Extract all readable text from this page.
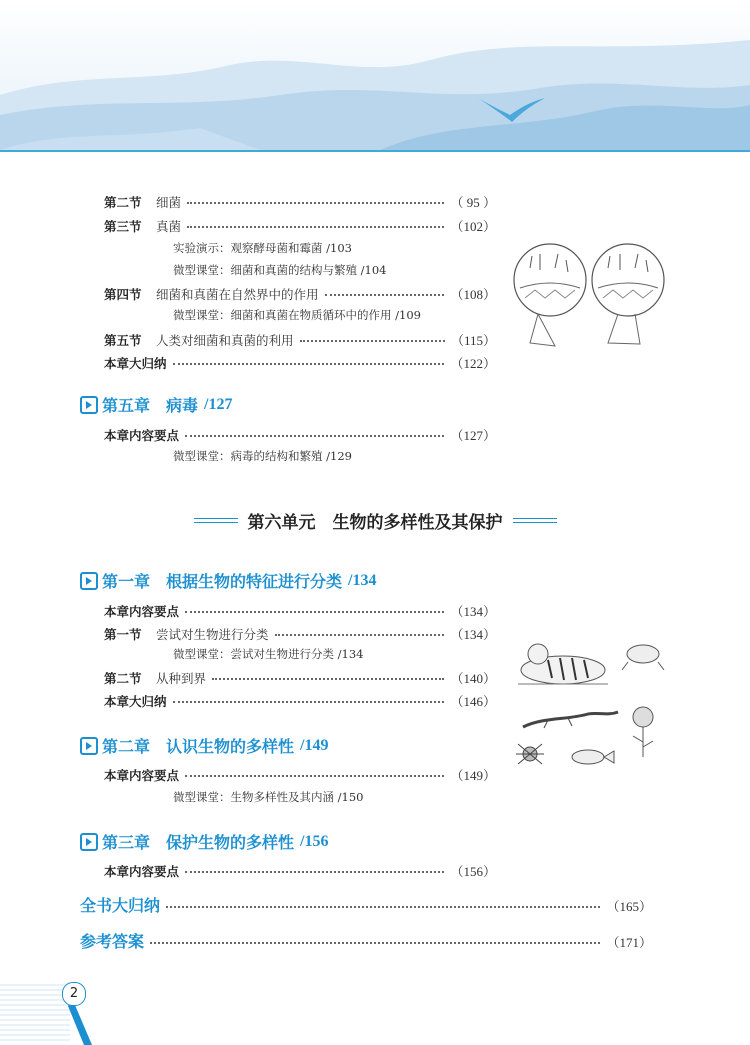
第二节	细菌	（ 95 ）
第三节	真菌	（102）
实验演示：观察酵母菌和霉菌 /103
微型课堂：细菌和真菌的结构与繁殖 /104
第四节	细菌和真菌在自然界中的作用	（108）
微型课堂：细菌和真菌在物质循环中的作用 /109
第五节	人类对细菌和真菌的利用	（115）
本章大归纳	（122）
第五章 病毒 /127
本章内容要点	（127）
微型课堂：病毒的结构和繁殖 /129
第六单元　生物的多样性及其保护
第一章 根据生物的特征进行分类 /134
本章内容要点	（134）
第一节	尝试对生物进行分类	（134）
微型课堂：尝试对生物进行分类 /134
第二节	从种到界	（140）
本章大归纳	（146）
第二章 认识生物的多样性 /149
本章内容要点	（149）
微型课堂：生物多样性及其内涵 /150
第三章 保护生物的多样性 /156
本章内容要点	（156）
全书大归纳	（165）
参考答案	（171）
2
